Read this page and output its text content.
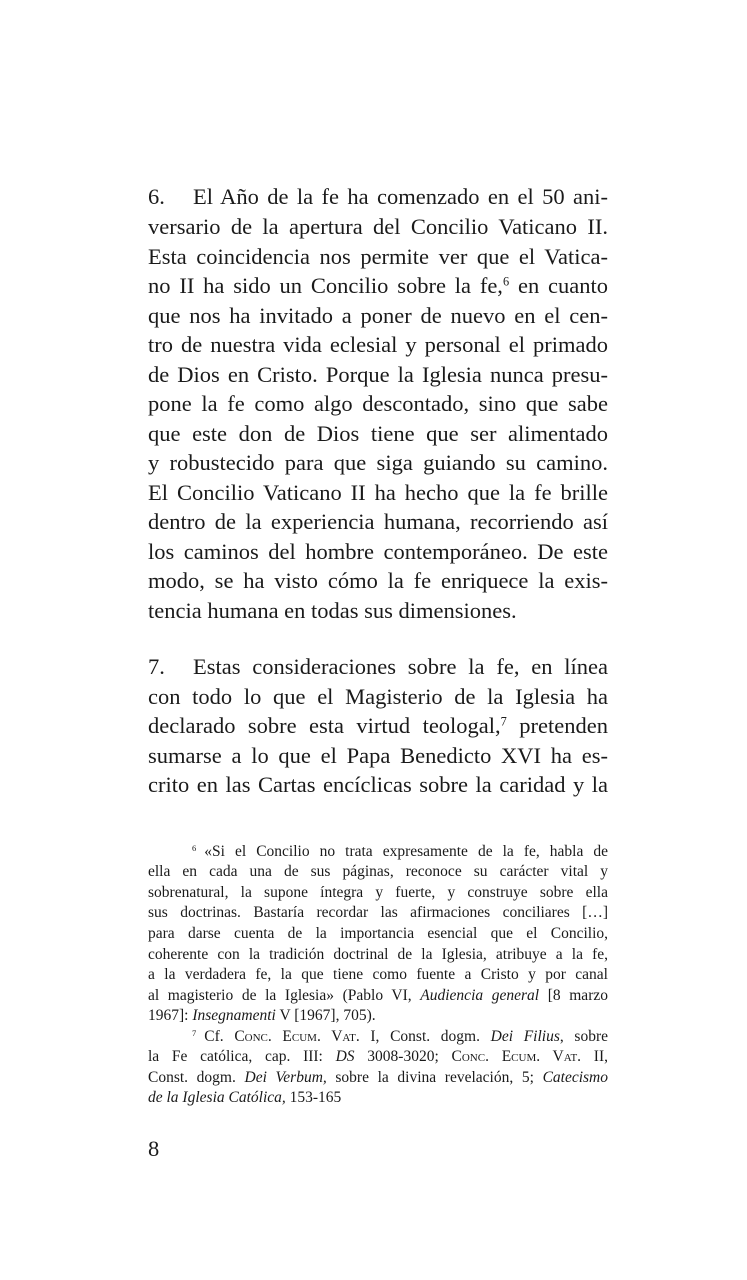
6. El Año de la fe ha comenzado en el 50 ani-
versario de la apertura del Concilio Vaticano II.
Esta coincidencia nos permite ver que el Vatica-
no II ha sido un Concilio sobre la fe,$^6$ en cuanto
que nos ha invitado a poner de nuevo en el cen-
tro de nuestra vida eclesial y personal el primado
de Dios en Cristo. Porque la Iglesia nunca presu-
pone la fe como algo descontado, sino que sabe
que este don de Dios tiene que ser alimentado
y robustecido para que siga guiando su camino.
El Concilio Vaticano II ha hecho que la fe brille
dentro de la experiencia humana, recorriendo así
los caminos del hombre contemporáneo. De este
modo, se ha visto cómo la fe enriquece la exis-
tencia humana en todas sus dimensiones.
7. Estas consideraciones sobre la fe, en línea
con todo lo que el Magisterio de la Iglesia ha
declarado sobre esta virtud teologal,$^7$ pretenden
sumarse a lo que el Papa Benedicto XVI ha es-
crito en las Cartas encíclicas sobre la caridad y la
$^6$ «Si el Concilio no trata expresamente de la fe, habla de
ella en cada una de sus páginas, reconoce su carácter vital y
sobrenatural, la supone íntegra y fuerte, y construye sobre ella
sus doctrinas. Bastaría recordar las afirmaciones conciliares […]
para darse cuenta de la importancia esencial que el Concilio,
coherente con la tradición doctrinal de la Iglesia, atribuye a la fe,
a la verdadera fe, la que tiene como fuente a Cristo y por canal
al magisterio de la Iglesia» (Pablo VI, Audiencia general [8 marzo
1967]: Insegnamenti V [1967], 705).
$^7$ Cf. Conc. Ecum. Vat. I, Const. dogm. Dei Filius, sobre
la Fe católica, cap. III: DS 3008-3020; Conc. Ecum. Vat. II,
Const. dogm. Dei Verbum, sobre la divina revelación, 5; Catecismo
de la Iglesia Católica, 153-165
8
